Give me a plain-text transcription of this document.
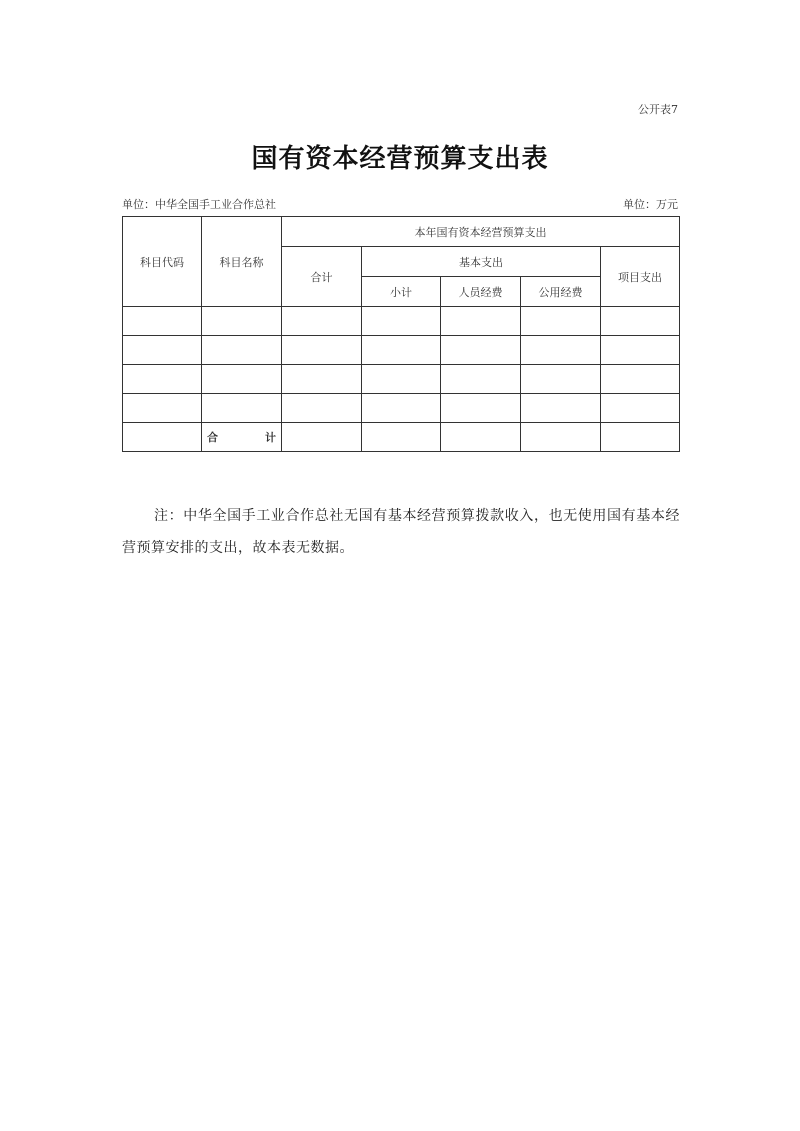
公开表7
国有资本经营预算支出表
单位：中华全国手工业合作总社	单位：万元
科目代码	科目名称	本年国有资本经营预算支出				
		合计	基本支出			项目支出
			小计	人员经费	公用经费	

	合 计					

注：中华全国手工业合作总社无国有基本经营预算拨款收入，也无使用国有基本经营预算安排的支出，故本表无数据。
